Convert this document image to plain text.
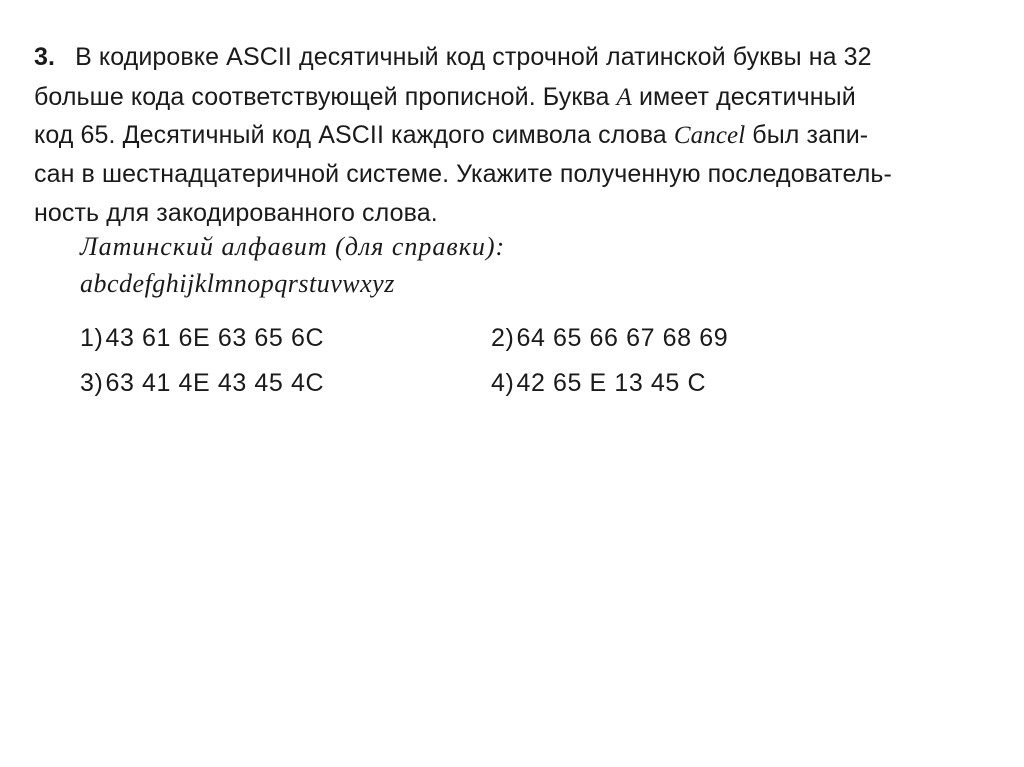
3. В кодировке ASCII десятичный код строчной латинской буквы на 32
больше кода соответствующей прописной. Буква A имеет десятичный
код 65. Десятичный код ASCII каждого символа слова Cancel был запи-
сан в шестнадцатеричной системе. Укажите полученную последователь-
ность для закодированного слова.
Латинский алфавит (для справки):
abcdefghijklmnopqrstuvwxyz
1)43 61 6E 63 65 6C	2)64 65 66 67 68 69
3)63 41 4E 43 45 4C	4)42 65 E 13 45 C
